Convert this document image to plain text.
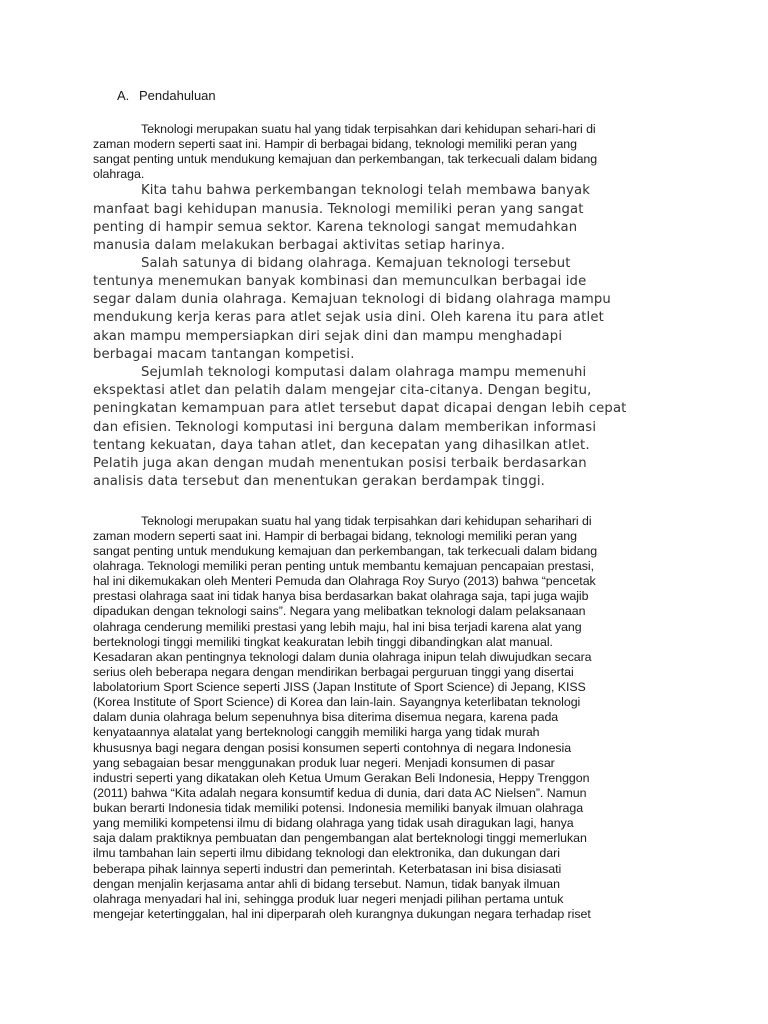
A. Pendahuluan

Teknologi merupakan suatu hal yang tidak terpisahkan dari kehidupan sehari-hari di

zaman modern seperti saat ini. Hampir di berbagai bidang, teknologi memiliki peran yang

sangat penting untuk mendukung kemajuan dan perkembangan, tak terkecuali dalam bidang

olahraga.

Kita tahu bahwa perkembangan teknologi telah membawa banyak

manfaat bagi kehidupan manusia. Teknologi memiliki peran yang sangat

penting di hampir semua sektor. Karena teknologi sangat memudahkan

manusia dalam melakukan berbagai aktivitas setiap harinya.

Salah satunya di bidang olahraga. Kemajuan teknologi tersebut

tentunya menemukan banyak kombinasi dan memunculkan berbagai ide

segar dalam dunia olahraga. Kemajuan teknologi di bidang olahraga mampu

mendukung kerja keras para atlet sejak usia dini. Oleh karena itu para atlet

akan mampu mempersiapkan diri sejak dini dan mampu menghadapi

berbagai macam tantangan kompetisi.

Sejumlah teknologi komputasi dalam olahraga mampu memenuhi

ekspektasi atlet dan pelatih dalam mengejar cita-citanya. Dengan begitu,

peningkatan kemampuan para atlet tersebut dapat dicapai dengan lebih cepat

dan efisien. Teknologi komputasi ini berguna dalam memberikan informasi

tentang kekuatan, daya tahan atlet, dan kecepatan yang dihasilkan atlet.

Pelatih juga akan dengan mudah menentukan posisi terbaik berdasarkan

analisis data tersebut dan menentukan gerakan berdampak tinggi.

Teknologi merupakan suatu hal yang tidak terpisahkan dari kehidupan seharihari di

zaman modern seperti saat ini. Hampir di berbagai bidang, teknologi memiliki peran yang

sangat penting untuk mendukung kemajuan dan perkembangan, tak terkecuali dalam bidang

olahraga. Teknologi memiliki peran penting untuk membantu kemajuan pencapaian prestasi,

hal ini dikemukakan oleh Menteri Pemuda dan Olahraga Roy Suryo (2013) bahwa “pencetak

prestasi olahraga saat ini tidak hanya bisa berdasarkan bakat olahraga saja, tapi juga wajib

dipadukan dengan teknologi sains”. Negara yang melibatkan teknologi dalam pelaksanaan

olahraga cenderung memiliki prestasi yang lebih maju, hal ini bisa terjadi karena alat yang

berteknologi tinggi memiliki tingkat keakuratan lebih tinggi dibandingkan alat manual.

Kesadaran akan pentingnya teknologi dalam dunia olahraga inipun telah diwujudkan secara

serius oleh beberapa negara dengan mendirikan berbagai perguruan tinggi yang disertai

labolatorium Sport Science seperti JISS (Japan Institute of Sport Science) di Jepang, KISS

(Korea Institute of Sport Science) di Korea dan lain-lain. Sayangnya keterlibatan teknologi

dalam dunia olahraga belum sepenuhnya bisa diterima disemua negara, karena pada

kenyataannya alatalat yang berteknologi canggih memiliki harga yang tidak murah

khususnya bagi negara dengan posisi konsumen seperti contohnya di negara Indonesia

yang sebagaian besar menggunakan produk luar negeri. Menjadi konsumen di pasar

industri seperti yang dikatakan oleh Ketua Umum Gerakan Beli Indonesia, Heppy Trenggon

(2011) bahwa “Kita adalah negara konsumtif kedua di dunia, dari data AC Nielsen”. Namun

bukan berarti Indonesia tidak memiliki potensi. Indonesia memiliki banyak ilmuan olahraga

yang memiliki kompetensi ilmu di bidang olahraga yang tidak usah diragukan lagi, hanya

saja dalam praktiknya pembuatan dan pengembangan alat berteknologi tinggi memerlukan

ilmu tambahan lain seperti ilmu dibidang teknologi dan elektronika, dan dukungan dari

beberapa pihak lainnya seperti industri dan pemerintah. Keterbatasan ini bisa disiasati

dengan menjalin kerjasama antar ahli di bidang tersebut. Namun, tidak banyak ilmuan

olahraga menyadari hal ini, sehingga produk luar negeri menjadi pilihan pertama untuk

mengejar ketertinggalan, hal ini diperparah oleh kurangnya dukungan negara terhadap riset
